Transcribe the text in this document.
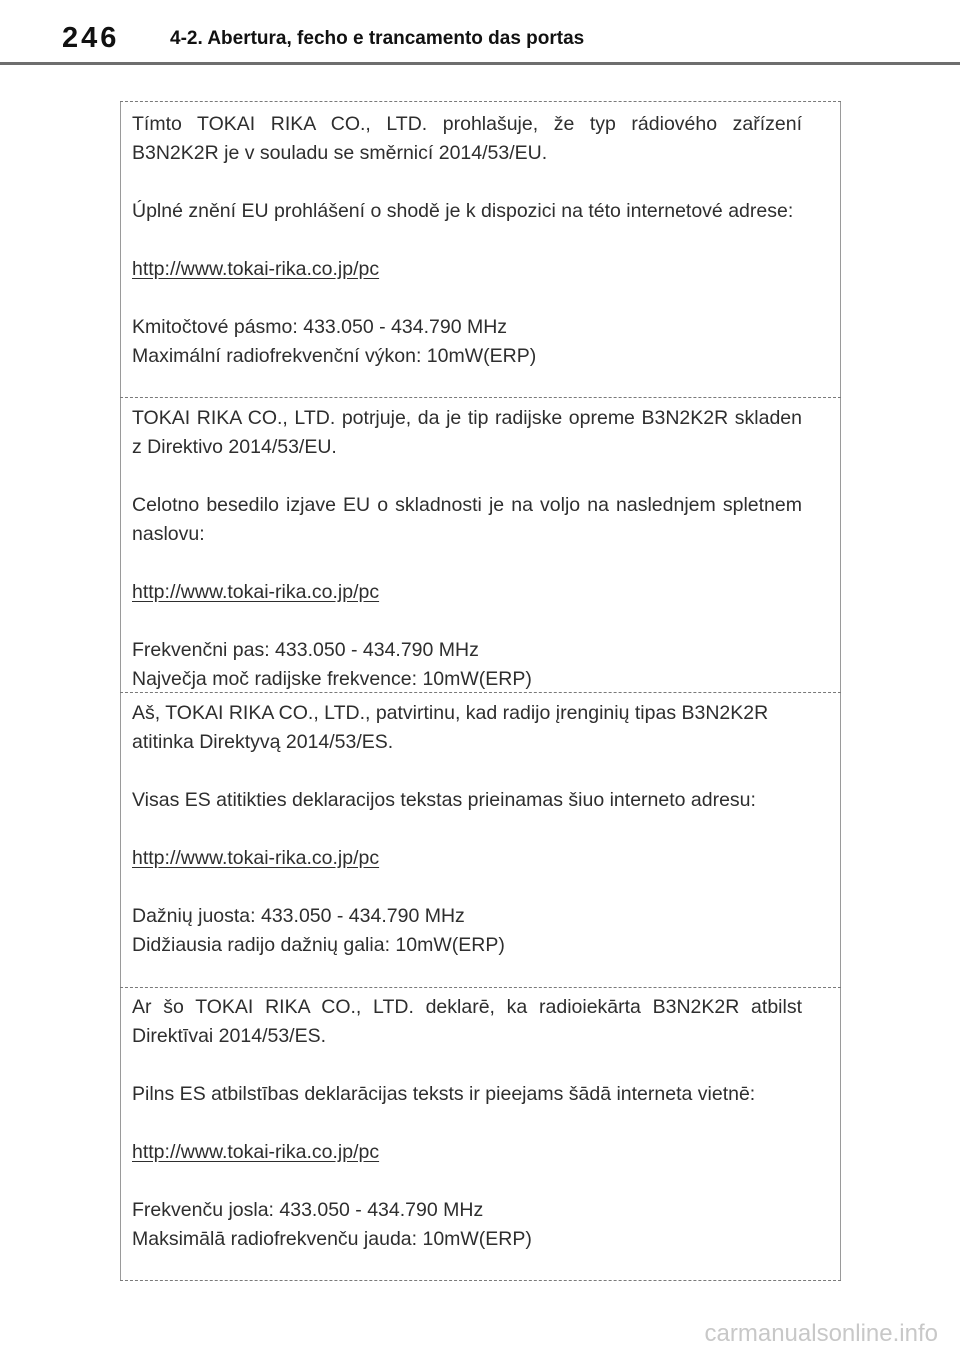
246	4-2. Abertura, fecho e trancamento das portas
Tímto TOKAI RIKA CO., LTD. prohlašuje, že typ rádiového zařízení B3N2K2R je v souladu se směrnicí 2014/53/EU.
Úplné znění EU prohlášení o shodě je k dispozici na této internetové adrese:
http://www.tokai-rika.co.jp/pc
Kmitočtové pásmo: 433.050 - 434.790 MHz
Maximální radiofrekvenční výkon: 10mW(ERP)
TOKAI RIKA CO., LTD. potrjuje, da je tip radijske opreme B3N2K2R skladen z Direktivo 2014/53/EU.
Celotno besedilo izjave EU o skladnosti je na voljo na naslednjem spletnem naslovu:
http://www.tokai-rika.co.jp/pc
Frekvenčni pas: 433.050 - 434.790 MHz
Največja moč radijske frekvence: 10mW(ERP)
Aš, TOKAI RIKA CO., LTD., patvirtinu, kad radijo įrenginių tipas B3N2K2R atitinka Direktyvą 2014/53/ES.
Visas ES atitikties deklaracijos tekstas prieinamas šiuo interneto adresu:
http://www.tokai-rika.co.jp/pc
Dažnių juosta: 433.050 - 434.790 MHz
Didžiausia radijo dažnių galia: 10mW(ERP)
Ar šo TOKAI RIKA CO., LTD. deklarē, ka radioiekārta B3N2K2R atbilst Direktīvai 2014/53/ES.
Pilns ES atbilstības deklarācijas teksts ir pieejams šādā interneta vietnē:
http://www.tokai-rika.co.jp/pc
Frekvenču josla: 433.050 - 434.790 MHz
Maksimālā radiofrekvenču jauda: 10mW(ERP)
carmanualsonline.info
